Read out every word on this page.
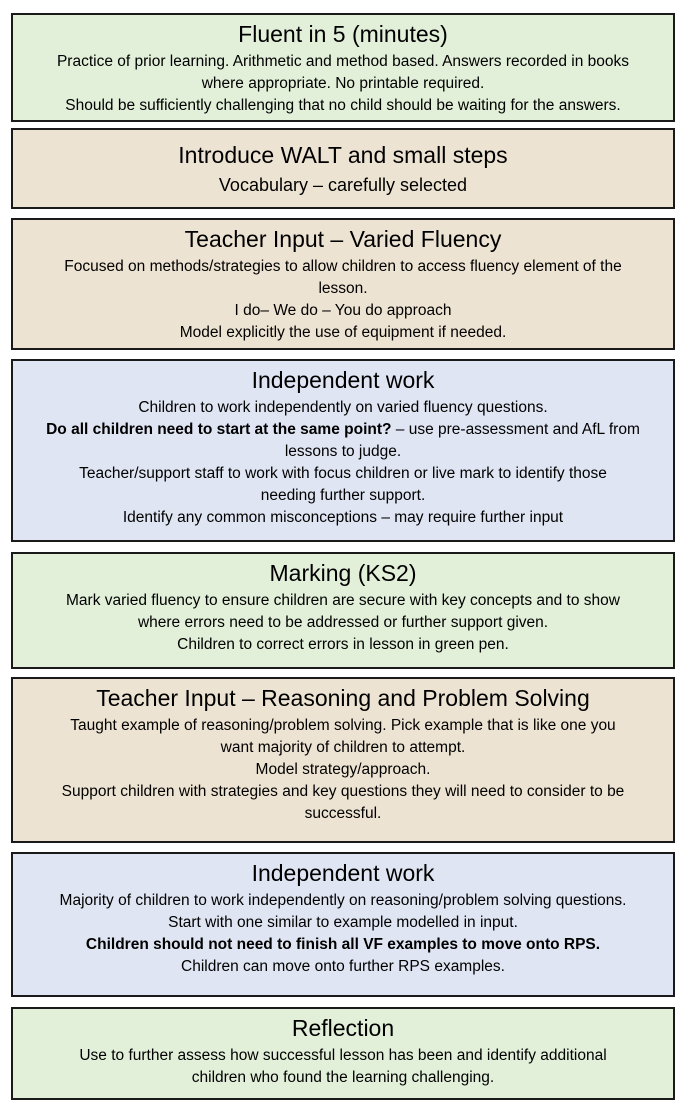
Fluent in 5 (minutes)
Practice of prior learning. Arithmetic and method based. Answers recorded in books
where appropriate. No printable required.
Should be sufficiently challenging that no child should be waiting for the answers.
Introduce WALT and small steps
Vocabulary – carefully selected
Teacher Input – Varied Fluency
Focused on methods/strategies to allow children to access fluency element of the
lesson.
I do– We do – You do approach
Model explicitly the use of equipment if needed.
Independent work
Children to work independently on varied fluency questions.
Do all children need to start at the same point? – use pre-assessment and AfL from
lessons to judge.
Teacher/support staff to work with focus children or live mark to identify those
needing further support.
Identify any common misconceptions – may require further input
Marking (KS2)
Mark varied fluency to ensure children are secure with key concepts and to show
where errors need to be addressed or further support given.
Children to correct errors in lesson in green pen.
Teacher Input – Reasoning and Problem Solving
Taught example of reasoning/problem solving. Pick example that is like one you
want majority of children to attempt.
Model strategy/approach.
Support children with strategies and key questions they will need to consider to be
successful.
Independent work
Majority of children to work independently on reasoning/problem solving questions.
Start with one similar to example modelled in input.
Children should not need to finish all VF examples to move onto RPS.
Children can move onto further RPS examples.
Reflection
Use to further assess how successful lesson has been and identify additional
children who found the learning challenging.
